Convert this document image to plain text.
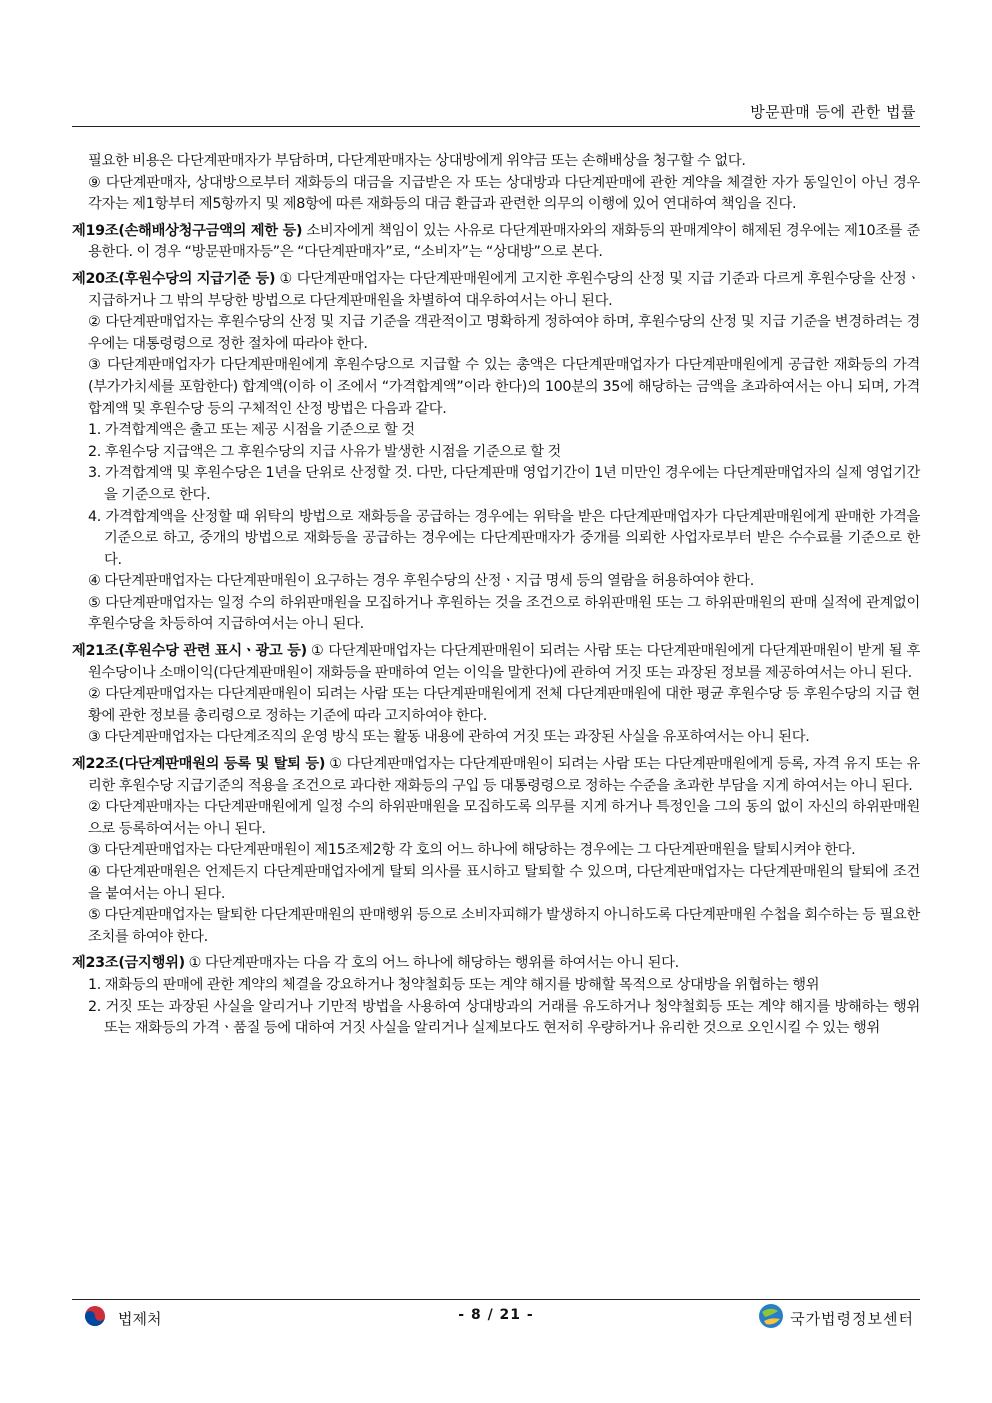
방문판매 등에 관한 법률
필요한 비용은 다단계판매자가 부담하며, 다단계판매자는 상대방에게 위약금 또는 손해배상을 청구할 수 없다.
⑨ 다단계판매자, 상대방으로부터 재화등의 대금을 지급받은 자 또는 상대방과 다단계판매에 관한 계약을 체결한 자가 동일인이 아닌 경우 각자는 제1항부터 제5항까지 및 제8항에 따른 재화등의 대금 환급과 관련한 의무의 이행에 있어 연대하여 책임을 진다.
제19조(손해배상청구금액의 제한 등) 소비자에게 책임이 있는 사유로 다단계판매자와의 재화등의 판매계약이 해제된 경우에는 제10조를 준용한다. 이 경우 “방문판매자등”은 “다단계판매자”로, “소비자”는 “상대방”으로 본다.
제20조(후원수당의 지급기준 등) ① 다단계판매업자는 다단계판매원에게 고지한 후원수당의 산정 및 지급 기준과 다르게 후원수당을 산정ㆍ지급하거나 그 밖의 부당한 방법으로 다단계판매원을 차별하여 대우하여서는 아니 된다.
② 다단계판매업자는 후원수당의 산정 및 지급 기준을 객관적이고 명확하게 정하여야 하며, 후원수당의 산정 및 지급 기준을 변경하려는 경우에는 대통령령으로 정한 절차에 따라야 한다.
③ 다단계판매업자가 다단계판매원에게 후원수당으로 지급할 수 있는 총액은 다단계판매업자가 다단계판매원에게 공급한 재화등의 가격(부가가치세를 포함한다) 합계액(이하 이 조에서 “가격합계액”이라 한다)의 100분의 35에 해당하는 금액을 초과하여서는 아니 되며, 가격합계액 및 후원수당 등의 구체적인 산정 방법은 다음과 같다.
1. 가격합계액은 출고 또는 제공 시점을 기준으로 할 것
2. 후원수당 지급액은 그 후원수당의 지급 사유가 발생한 시점을 기준으로 할 것
3. 가격합계액 및 후원수당은 1년을 단위로 산정할 것. 다만, 다단계판매 영업기간이 1년 미만인 경우에는 다단계판매업자의 실제 영업기간을 기준으로 한다.
4. 가격합계액을 산정할 때 위탁의 방법으로 재화등을 공급하는 경우에는 위탁을 받은 다단계판매업자가 다단계판매원에게 판매한 가격을 기준으로 하고, 중개의 방법으로 재화등을 공급하는 경우에는 다단계판매자가 중개를 의뢰한 사업자로부터 받은 수수료를 기준으로 한다.
④ 다단계판매업자는 다단계판매원이 요구하는 경우 후원수당의 산정ㆍ지급 명세 등의 열람을 허용하여야 한다.
⑤ 다단계판매업자는 일정 수의 하위판매원을 모집하거나 후원하는 것을 조건으로 하위판매원 또는 그 하위판매원의 판매 실적에 관계없이 후원수당을 차등하여 지급하여서는 아니 된다.
제21조(후원수당 관련 표시ㆍ광고 등) ① 다단계판매업자는 다단계판매원이 되려는 사람 또는 다단계판매원에게 다단계판매원이 받게 될 후원수당이나 소매이익(다단계판매원이 재화등을 판매하여 얻는 이익을 말한다)에 관하여 거짓 또는 과장된 정보를 제공하여서는 아니 된다.
② 다단계판매업자는 다단계판매원이 되려는 사람 또는 다단계판매원에게 전체 다단계판매원에 대한 평균 후원수당 등 후원수당의 지급 현황에 관한 정보를 총리령으로 정하는 기준에 따라 고지하여야 한다.
③ 다단계판매업자는 다단계조직의 운영 방식 또는 활동 내용에 관하여 거짓 또는 과장된 사실을 유포하여서는 아니 된다.
제22조(다단계판매원의 등록 및 탈퇴 등) ① 다단계판매업자는 다단계판매원이 되려는 사람 또는 다단계판매원에게 등록, 자격 유지 또는 유리한 후원수당 지급기준의 적용을 조건으로 과다한 재화등의 구입 등 대통령령으로 정하는 수준을 초과한 부담을 지게 하여서는 아니 된다.
② 다단계판매자는 다단계판매원에게 일정 수의 하위판매원을 모집하도록 의무를 지게 하거나 특정인을 그의 동의 없이 자신의 하위판매원으로 등록하여서는 아니 된다.
③ 다단계판매업자는 다단계판매원이 제15조제2항 각 호의 어느 하나에 해당하는 경우에는 그 다단계판매원을 탈퇴시켜야 한다.
④ 다단계판매원은 언제든지 다단계판매업자에게 탈퇴 의사를 표시하고 탈퇴할 수 있으며, 다단계판매업자는 다단계판매원의 탈퇴에 조건을 붙여서는 아니 된다.
⑤ 다단계판매업자는 탈퇴한 다단계판매원의 판매행위 등으로 소비자피해가 발생하지 아니하도록 다단계판매원 수첩을 회수하는 등 필요한 조치를 하여야 한다.
제23조(금지행위) ① 다단계판매자는 다음 각 호의 어느 하나에 해당하는 행위를 하여서는 아니 된다.
1. 재화등의 판매에 관한 계약의 체결을 강요하거나 청약철회등 또는 계약 해지를 방해할 목적으로 상대방을 위협하는 행위
2. 거짓 또는 과장된 사실을 알리거나 기만적 방법을 사용하여 상대방과의 거래를 유도하거나 청약철회등 또는 계약 해지를 방해하는 행위 또는 재화등의 가격ㆍ품질 등에 대하여 거짓 사실을 알리거나 실제보다도 현저히 우량하거나 유리한 것으로 오인시킬 수 있는 행위
법제처	- 8 / 21 -	국가법령정보센터
